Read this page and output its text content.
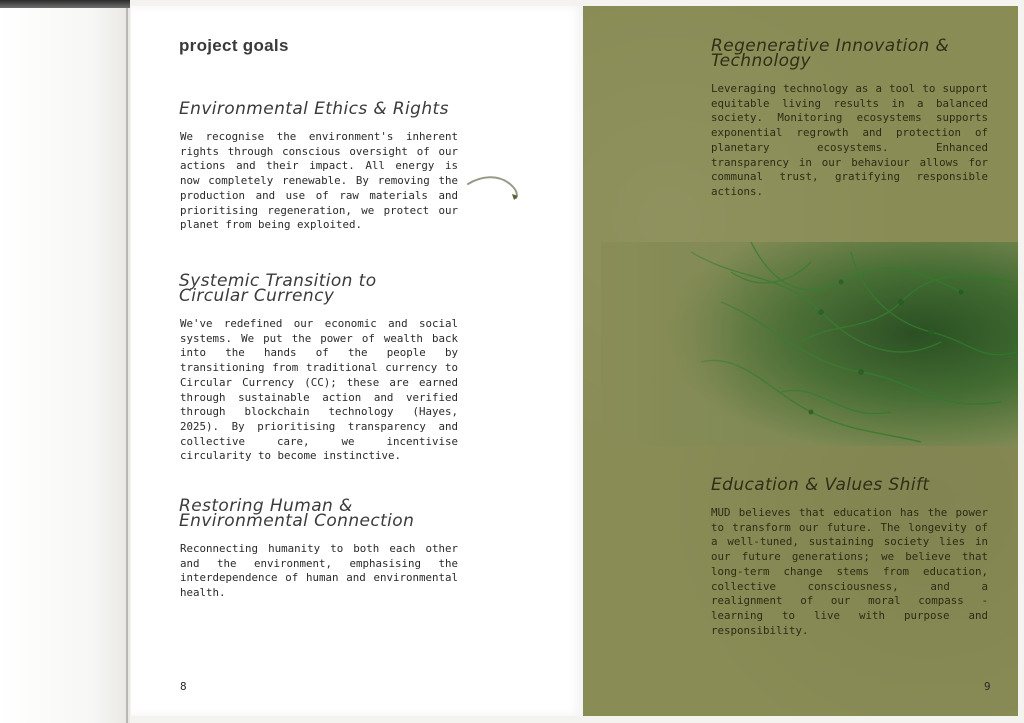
project goals
Environmental Ethics & Rights
We recognise the environment's inherent rights through conscious oversight of our actions and their impact. All energy is now completely renewable. By removing the production and use of raw materials and prioritising regeneration, we protect our planet from being exploited.
Systemic Transition to
Circular Currency
We've redefined our economic and social systems. We put the power of wealth back into the hands of the people by transitioning from traditional currency to Circular Currency (CC); these are earned through sustainable action and verified through blockchain technology (Hayes, 2025). By prioritising transparency and collective care, we incentivise circularity to become instinctive.
Restoring Human &
Environmental Connection
Reconnecting humanity to both each other and the environment, emphasising the interdependence of human and environmental health.
8
Regenerative Innovation &
Technology
Leveraging technology as a tool to support equitable living results in a balanced society. Monitoring ecosystems supports exponential regrowth and protection of planetary ecosystems. Enhanced transparency in our behaviour allows for communal trust, gratifying responsible actions.
Education & Values Shift
MUD believes that education has the power to transform our future. The longevity of a well-tuned, sustaining society lies in our future generations; we believe that long-term change stems from education, collective consciousness, and a realignment of our moral compass - learning to live with purpose and responsibility.
9
